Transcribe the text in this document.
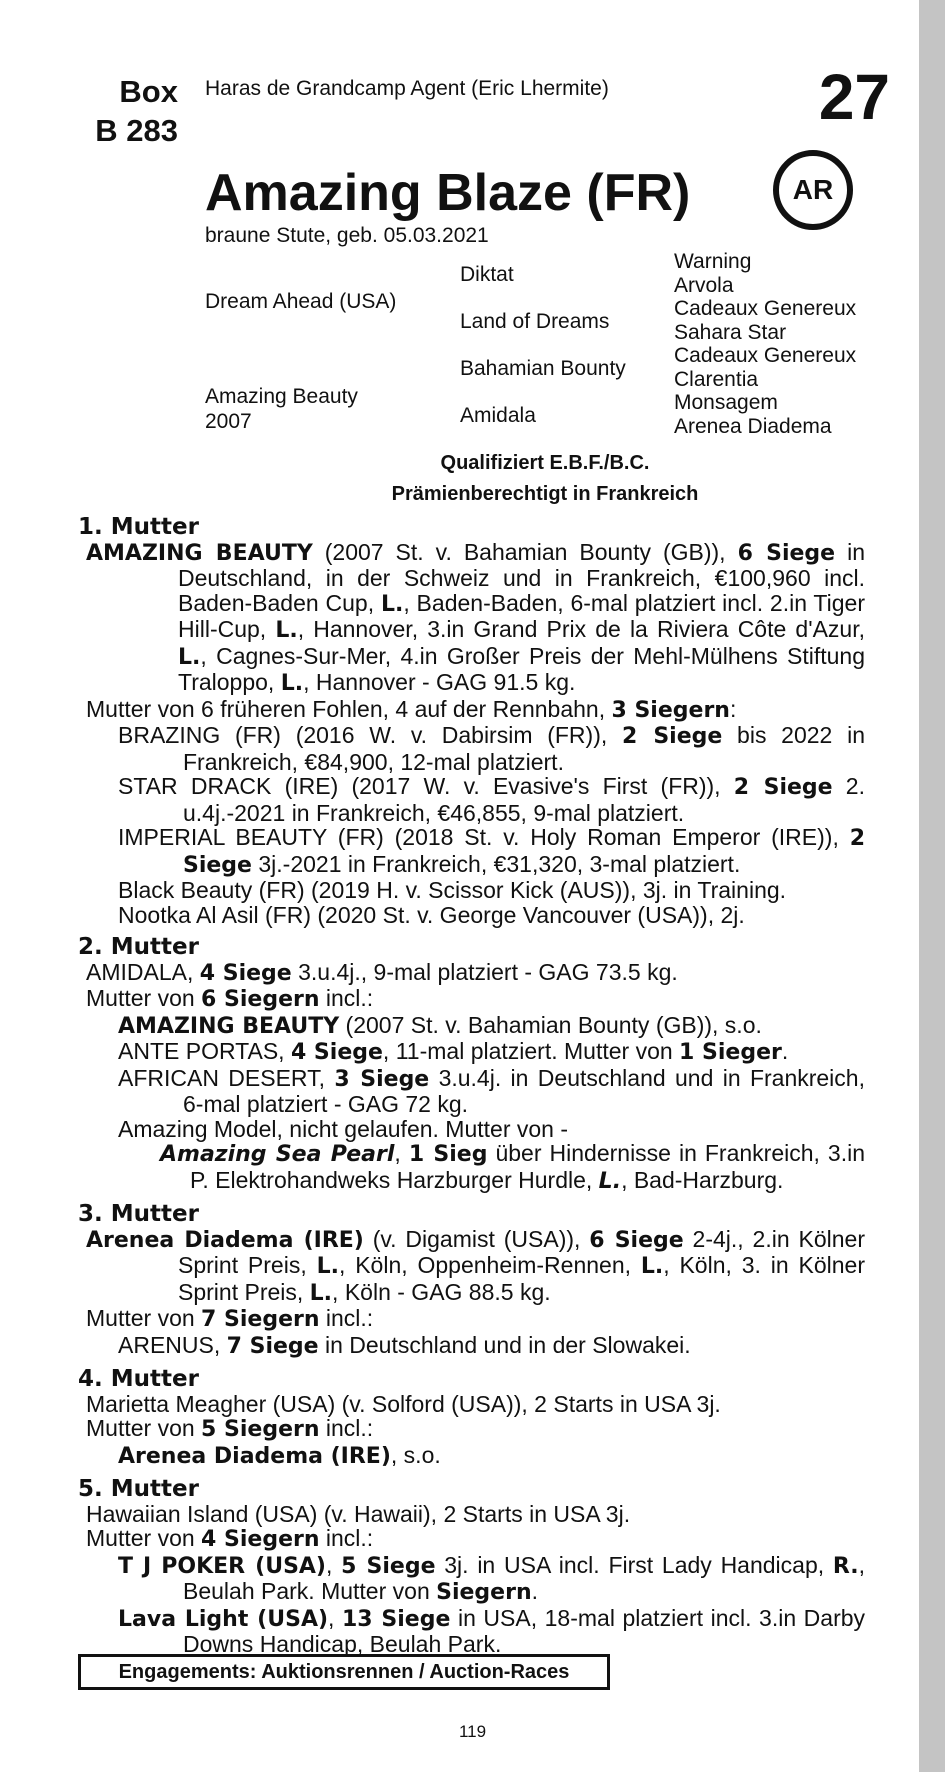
Box
B 283
Haras de Grandcamp Agent (Eric Lhermite)	27
AR
Amazing Blaze (FR)
braune Stute, geb. 05.03.2021
Dream Ahead (USA)
Amazing Beauty
2007
Diktat
Land of Dreams
Bahamian Bounty
Amidala
Warning
Arvola
Cadeaux Genereux
Sahara Star
Cadeaux Genereux
Clarentia
Monsagem
Arenea Diadema
Qualifiziert E.B.F./B.C.
Prämienberechtigt in Frankreich
1. Mutter
AMAZING BEAUTY (2007 St. v. Bahamian Bounty (GB)), 6 Siege in Deutschland, in der Schweiz und in Frankreich, €100,960 incl. Baden-Baden Cup, L., Baden-Baden, 6-mal platziert incl. 2.in Tiger Hill-Cup, L., Hannover, 3.in Grand Prix de la Riviera Côte d'Azur, L., Cagnes-Sur-Mer, 4.in Großer Preis der Mehl-Mülhens Stiftung Traloppo, L., Hannover - GAG 91.5 kg.
Mutter von 6 früheren Fohlen, 4 auf der Rennbahn, 3 Siegern:
BRAZING (FR) (2016 W. v. Dabirsim (FR)), 2 Siege bis 2022 in Frankreich, €84,900, 12-mal platziert.
STAR DRACK (IRE) (2017 W. v. Evasive's First (FR)), 2 Siege 2. u.4j.-2021 in Frankreich, €46,855, 9-mal platziert.
IMPERIAL BEAUTY (FR) (2018 St. v. Holy Roman Emperor (IRE)), 2 Siege 3j.-2021 in Frankreich, €31,320, 3-mal platziert.
Black Beauty (FR) (2019 H. v. Scissor Kick (AUS)), 3j. in Training.
Nootka Al Asil (FR) (2020 St. v. George Vancouver (USA)), 2j.
2. Mutter
AMIDALA, 4 Siege 3.u.4j., 9-mal platziert - GAG 73.5 kg.
Mutter von 6 Siegern incl.:
AMAZING BEAUTY (2007 St. v. Bahamian Bounty (GB)), s.o.
ANTE PORTAS, 4 Siege, 11-mal platziert. Mutter von 1 Sieger.
AFRICAN DESERT, 3 Siege 3.u.4j. in Deutschland und in Frankreich, 6-mal platziert - GAG 72 kg.
Amazing Model, nicht gelaufen. Mutter von -
Amazing Sea Pearl, 1 Sieg über Hindernisse in Frankreich, 3.in P. Elektrohandweks Harzburger Hurdle, L., Bad-Harzburg.
3. Mutter
Arenea Diadema (IRE) (v. Digamist (USA)), 6 Siege 2-4j., 2.in Kölner Sprint Preis, L., Köln, Oppenheim-Rennen, L., Köln, 3. in Kölner Sprint Preis, L., Köln - GAG 88.5 kg.
Mutter von 7 Siegern incl.:
ARENUS, 7 Siege in Deutschland und in der Slowakei.
4. Mutter
Marietta Meagher (USA) (v. Solford (USA)), 2 Starts in USA 3j.
Mutter von 5 Siegern incl.:
Arenea Diadema (IRE), s.o.
5. Mutter
Hawaiian Island (USA) (v. Hawaii), 2 Starts in USA 3j.
Mutter von 4 Siegern incl.:
T J POKER (USA), 5 Siege 3j. in USA incl. First Lady Handicap, R., Beulah Park. Mutter von Siegern.
Lava Light (USA), 13 Siege in USA, 18-mal platziert incl. 3.in Darby Downs Handicap, Beulah Park.
Engagements: Auktionsrennen / Auction-Races
119
